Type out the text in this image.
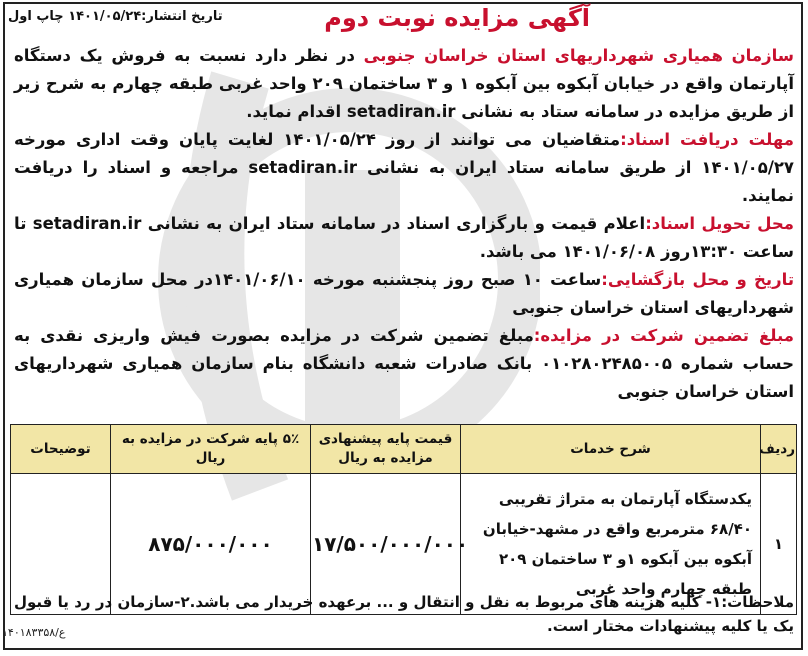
آگهی مزایده نوبت دوم
تاریخ انتشار:۱۴۰۱/۰۵/۲۴ چاپ اول

سازمان همیاری شهرداریهای استان خراسان جنوبی در نظر دارد نسبت به فروش یک دستگاه آپارتمان واقع در خیابان آبکوه بین آبکوه ۱ و ۳ ساختمان ۲۰۹ واحد غربی طبقه چهارم به شرح زیر از طریق مزایده در سامانه ستاد به نشانی setadiran.ir اقدام نماید.

مهلت دریافت اسناد:متقاضیان می توانند از روز ۱۴۰۱/۰۵/۲۴ لغایت پایان وقت اداری مورخه ۱۴۰۱/۰۵/۲۷ از طریق سامانه ستاد ایران به نشانی setadiran.ir مراجعه و اسناد را دریافت نمایند.

محل تحویل اسناد:اعلام قیمت و بارگزاری اسناد در سامانه ستاد ایران به نشانی setadiran.ir تا ساعت ۱۳:۳۰روز ۱۴۰۱/۰۶/۰۸ می باشد.

تاریخ و محل بازگشایی:ساعت ۱۰ صبح روز پنجشنبه مورخه ۱۴۰۱/۰۶/۱۰در محل سازمان همیاری شهرداریهای استان خراسان جنوبی

مبلغ تضمین شرکت در مزایده:مبلغ تضمین شرکت در مزایده بصورت فیش واریزی نقدی به حساب شماره ۰۱۰۲۸۰۲۴۸۵۰۰۵ بانک صادرات شعبه دانشگاه بنام سازمان همیاری شهرداریهای استان خراسان جنوبی

ردیف	شرح خدمات	قیمت پایه پیشنهادی مزایده به ریال	۵٪ پایه شرکت در مزایده به ریال	توضیحات
۱	یکدستگاه آپارتمان به متراژ تقریبی ۶۸/۴۰ مترمربع واقع در مشهد-خیابان آبکوه بین آبکوه ۱و ۳ ساختمان ۲۰۹ طبقه چهارم واحد غربی	۱۷/۵۰۰/۰۰۰/۰۰۰	۸۷۵/۰۰۰/۰۰۰	
ملاحظات:۱- کلیه هزینه های مربوط به نقل و انتقال و ... برعهده خریدار می باشد.۲-سازمان در رد یا قبول یک یا کلیه پیشنهادات مختار است.
۱۴۰۱۸۳۳۵۸/ع
